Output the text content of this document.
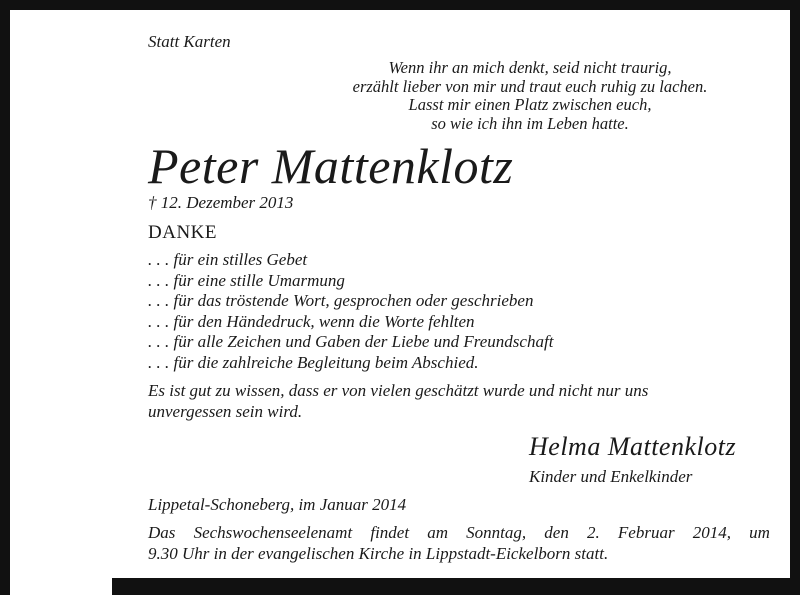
Statt Karten
Wenn ihr an mich denkt, seid nicht traurig,
erzählt lieber von mir und traut euch ruhig zu lachen.
Lasst mir einen Platz zwischen euch,
so wie ich ihn im Leben hatte.
Peter Mattenklotz
† 12. Dezember 2013
DANKE
. . . für ein stilles Gebet
. . . für eine stille Umarmung
. . . für das tröstende Wort, gesprochen oder geschrieben
. . . für den Händedruck, wenn die Worte fehlten
. . . für alle Zeichen und Gaben der Liebe und Freundschaft
. . . für die zahlreiche Begleitung beim Abschied.
Es ist gut zu wissen, dass er von vielen geschätzt wurde und nicht nur uns
unvergessen sein wird.
Helma Mattenklotz
Kinder und Enkelkinder
Lippetal-Schoneberg, im Januar 2014
Das Sechswochenseelenamt findet am Sonntag, den 2. Februar 2014, um
9.30 Uhr in der evangelischen Kirche in Lippstadt-Eickelborn statt.
